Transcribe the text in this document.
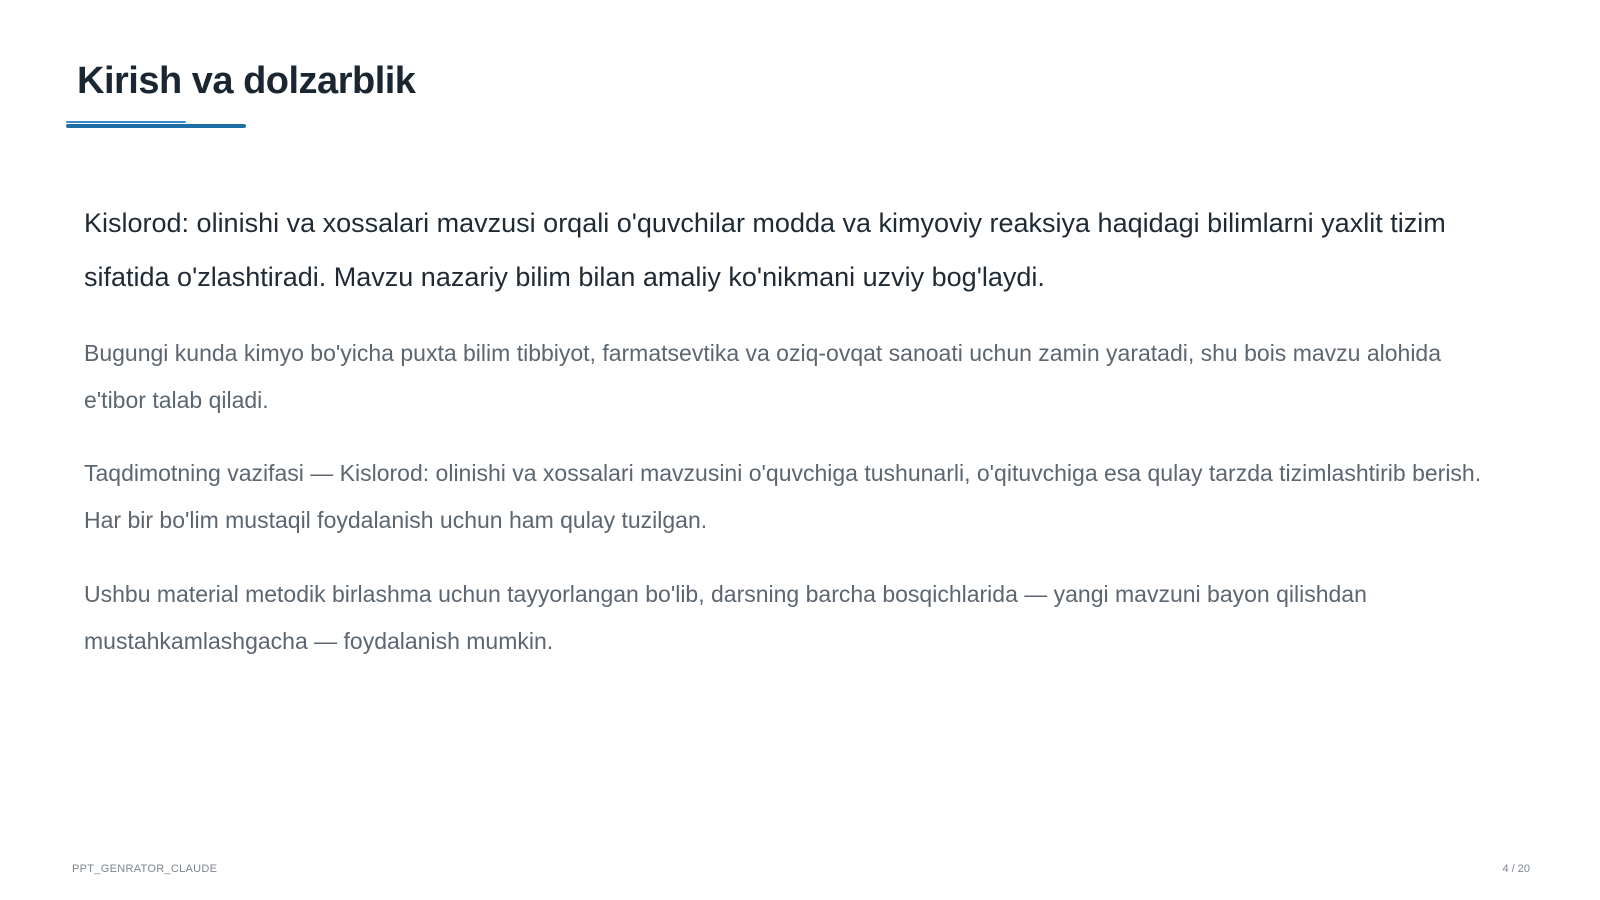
Kirish va dolzarblik

Kislorod: olinishi va xossalari mavzusi orqali o'quvchilar modda va kimyoviy reaksiya haqidagi bilimlarni yaxlit tizim sifatida o'zlashtiradi. Mavzu nazariy bilim bilan amaliy ko'nikmani uzviy bog'laydi.

Bugungi kunda kimyo bo'yicha puxta bilim tibbiyot, farmatsevtika va oziq-ovqat sanoati uchun zamin yaratadi, shu bois mavzu alohida e'tibor talab qiladi.

Taqdimotning vazifasi — Kislorod: olinishi va xossalari mavzusini o'quvchiga tushunarli, o'qituvchiga esa qulay tarzda tizimlashtirib berish. Har bir bo'lim mustaqil foydalanish uchun ham qulay tuzilgan.

Ushbu material metodik birlashma uchun tayyorlangan bo'lib, darsning barcha bosqichlarida — yangi mavzuni bayon qilishdan mustahkamlashgacha — foydalanish mumkin.

PPT_GENRATOR_CLAUDE	4 / 20
